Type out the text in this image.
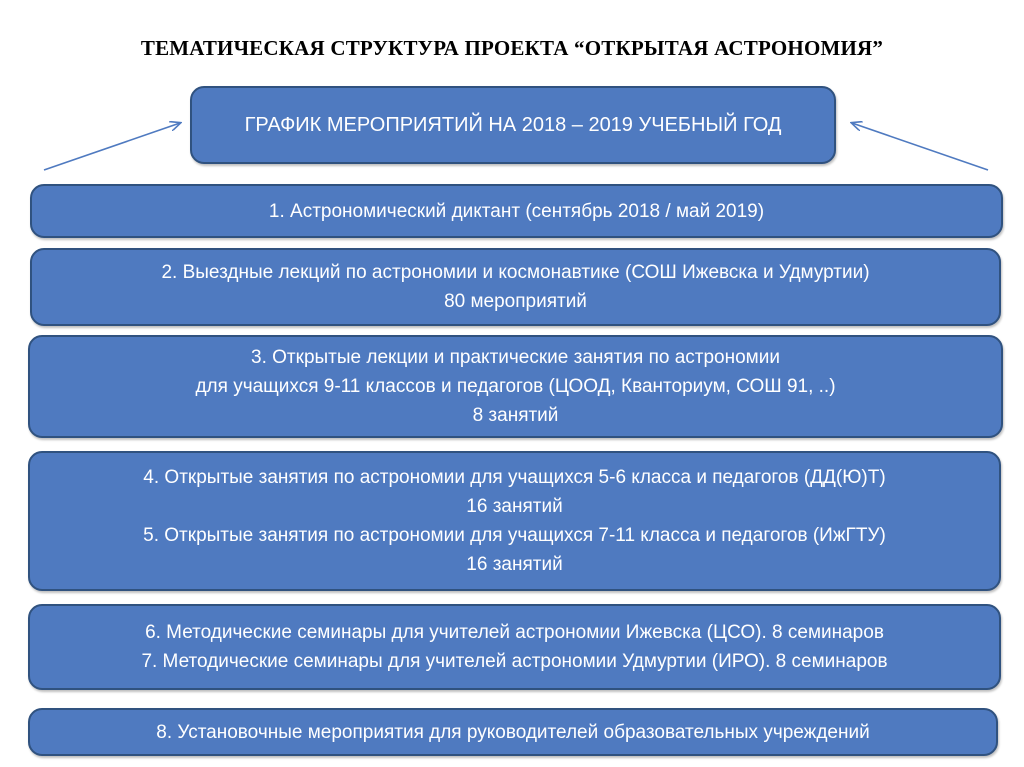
ТЕМАТИЧЕСКАЯ СТРУКТУРА ПРОЕКТА “ОТКРЫТАЯ АСТРОНОМИЯ”
ГРАФИК МЕРОПРИЯТИЙ НА 2018 – 2019 УЧЕБНЫЙ ГОД
1. Астрономический диктант (сентябрь 2018 / май 2019)
2. Выездные лекций по астрономии и космонавтике (СОШ Ижевска и Удмуртии)
80 мероприятий
3. Открытые лекции и практические занятия по астрономии
для учащихся 9-11 классов и педагогов (ЦООД, Кванториум, СОШ 91, ..)
8 занятий
4. Открытые занятия по астрономии для учащихся 5-6 класса и педагогов (ДД(Ю)Т)
16 занятий
5. Открытые занятия по астрономии для учащихся 7-11 класса и педагогов (ИжГТУ)
16 занятий
6. Методические семинары для учителей астрономии Ижевска (ЦСО). 8 семинаров
7. Методические семинары для учителей астрономии Удмуртии (ИРО). 8 семинаров
8. Установочные мероприятия для руководителей образовательных учреждений
